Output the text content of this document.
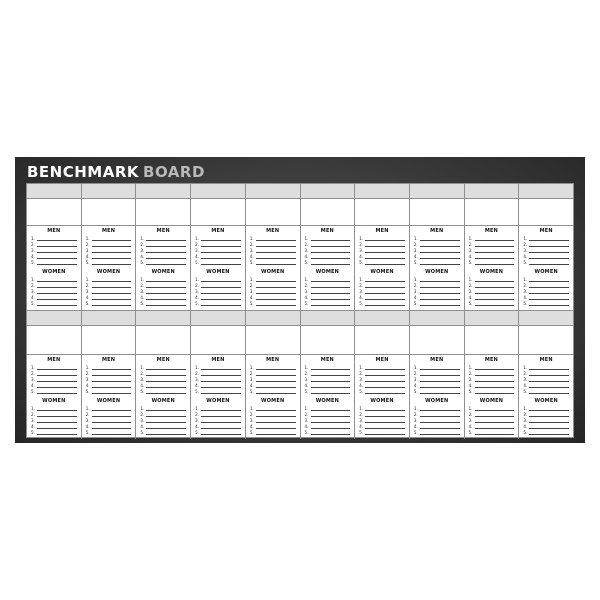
BENCHMARK BOARD
MEN
1.
2.
3.
4.
5.
WOMEN
1.
2.
3.
4.
5.
MEN
1.
2.
3.
4.
5.
WOMEN
1.
2.
3.
4.
5.
MEN
1.
2.
3.
4.
5.
WOMEN
1.
2.
3.
4.
5.
MEN
1.
2.
3.
4.
5.
WOMEN
1.
2.
3.
4.
5.
MEN
1.
2.
3.
4.
5.
WOMEN
1.
2.
3.
4.
5.
MEN
1.
2.
3.
4.
5.
WOMEN
1.
2.
3.
4.
5.
MEN
1.
2.
3.
4.
5.
WOMEN
1.
2.
3.
4.
5.
MEN
1.
2.
3.
4.
5.
WOMEN
1.
2.
3.
4.
5.
MEN
1.
2.
3.
4.
5.
WOMEN
1.
2.
3.
4.
5.
MEN
1.
2.
3.
4.
5.
WOMEN
1.
2.
3.
4.
5.
MEN
1.
2.
3.
4.
5.
WOMEN
1.
2.
3.
4.
5.
MEN
1.
2.
3.
4.
5.
WOMEN
1.
2.
3.
4.
5.
MEN
1.
2.
3.
4.
5.
WOMEN
1.
2.
3.
4.
5.
MEN
1.
2.
3.
4.
5.
WOMEN
1.
2.
3.
4.
5.
MEN
1.
2.
3.
4.
5.
WOMEN
1.
2.
3.
4.
5.
MEN
1.
2.
3.
4.
5.
WOMEN
1.
2.
3.
4.
5.
MEN
1.
2.
3.
4.
5.
WOMEN
1.
2.
3.
4.
5.
MEN
1.
2.
3.
4.
5.
WOMEN
1.
2.
3.
4.
5.
MEN
1.
2.
3.
4.
5.
WOMEN
1.
2.
3.
4.
5.
MEN
1.
2.
3.
4.
5.
WOMEN
1.
2.
3.
4.
5.
